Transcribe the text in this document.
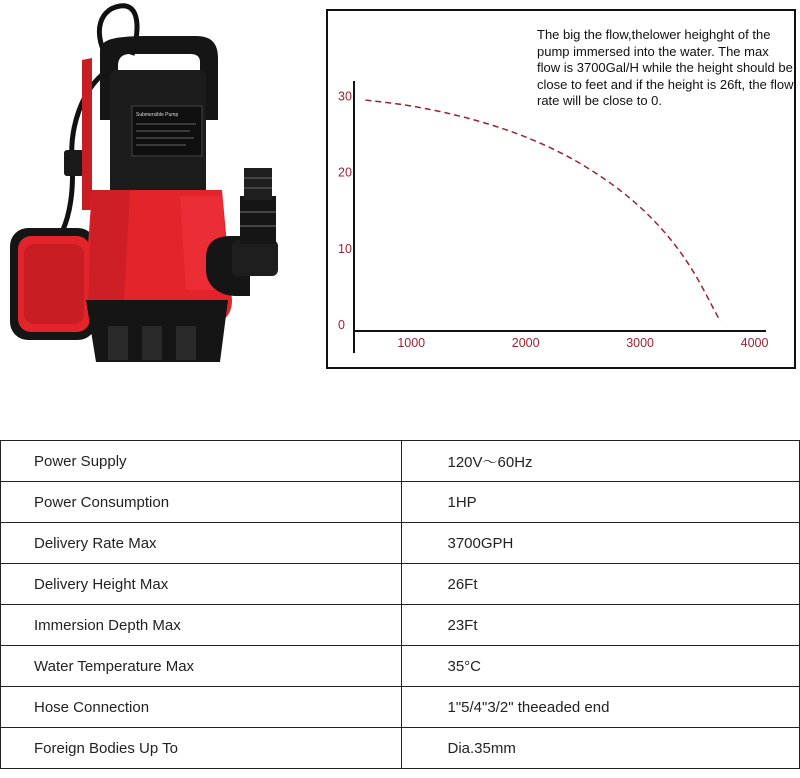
Submersible Pump
1000	2000	3000	4000
0
10
20
30
The big the flow,thelower heighght of the pump immersed into the water. The max flow is 3700Gal/H while the height should be close to feet and if the height is 26ft, the flow rate will be close to 0.
Power Supply	120V～60Hz
Power Consumption	1HP
Delivery Rate Max	3700GPH
Delivery Height Max	26Ft
Immersion Depth Max	23Ft
Water Temperature Max	35°C
Hose Connection	1"5/4"3/2" theeaded end
Foreign Bodies Up To	Dia.35mm
